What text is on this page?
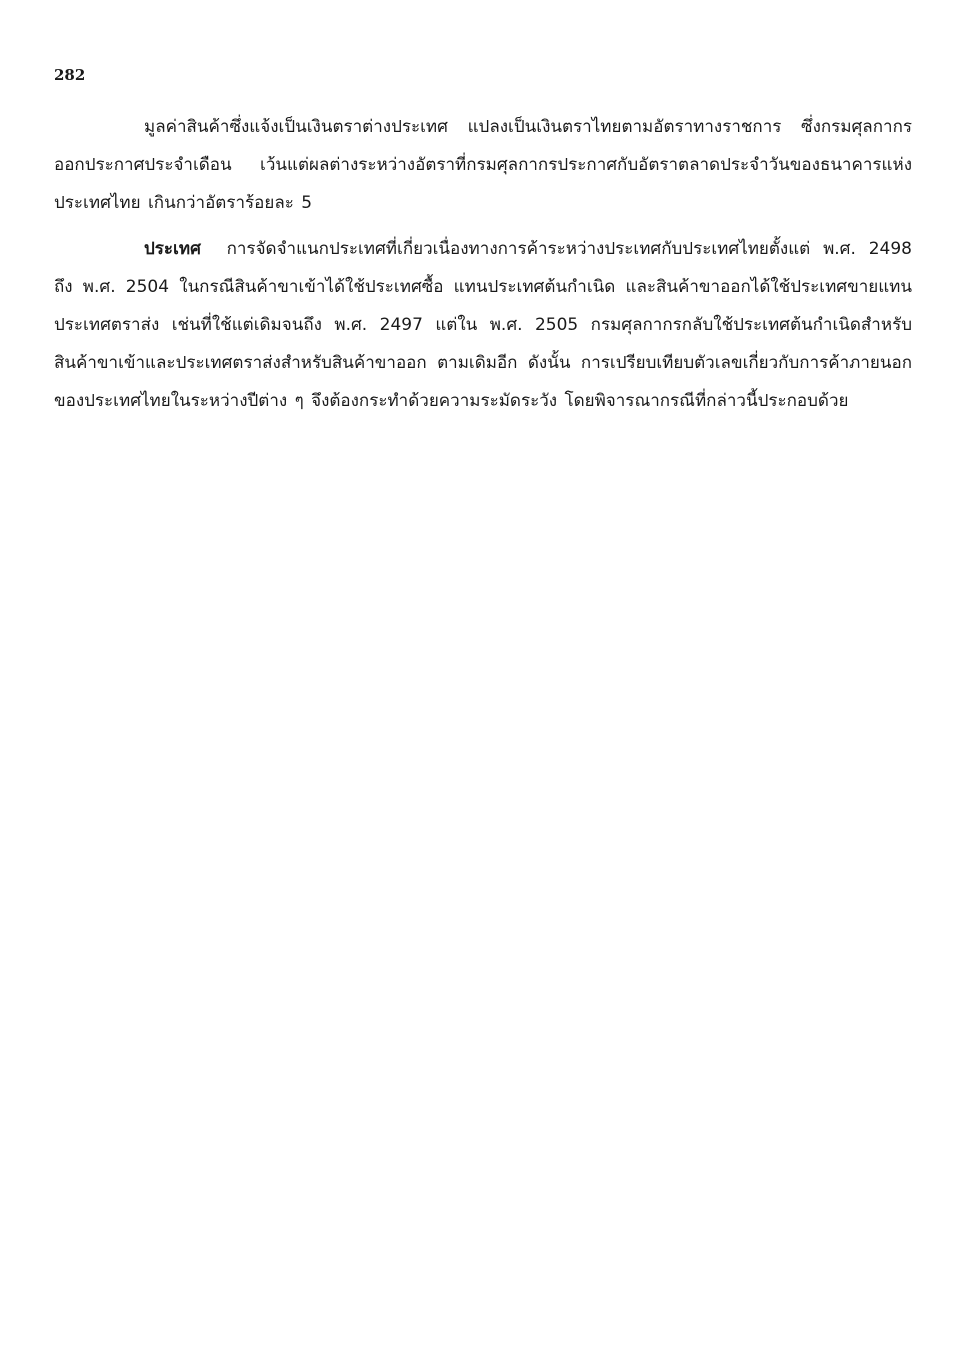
282

มูลค่าสินค้าซึ่งแจ้งเป็นเงินตราต่างประเทศ แปลงเป็นเงินตราไทยตามอัตราทางราชการ ซึ่งกรมศุลกากรออกประกาศประจำเดือน เว้นแต่ผลต่างระหว่างอัตราที่กรมศุลกากรประกาศกับอัตราตลาดประจำวันของธนาคารแห่งประเทศไทย เกินกว่าอัตราร้อยละ 5

ประเทศ การจัดจำแนกประเทศที่เกี่ยวเนื่องทางการค้าระหว่างประเทศกับประเทศไทยตั้งแต่ พ.ศ. 2498 ถึง พ.ศ. 2504 ในกรณีสินค้าขาเข้าได้ใช้ประเทศซื้อ แทนประเทศต้นกำเนิด และสินค้าขาออกได้ใช้ประเทศขายแทนประเทศตราส่ง เช่นที่ใช้แต่เดิมจนถึง พ.ศ. 2497 แต่ใน พ.ศ. 2505 กรมศุลกากรกลับใช้ประเทศต้นกำเนิดสำหรับสินค้าขาเข้าและประเทศตราส่งสำหรับสินค้าขาออก ตามเดิมอีก ดังนั้น การเปรียบเทียบตัวเลขเกี่ยวกับการค้าภายนอกของประเทศไทยในระหว่างปีต่าง ๆ จึงต้องกระทำด้วยความระมัดระวัง โดยพิจารณากรณีที่กล่าวนี้ประกอบด้วย
